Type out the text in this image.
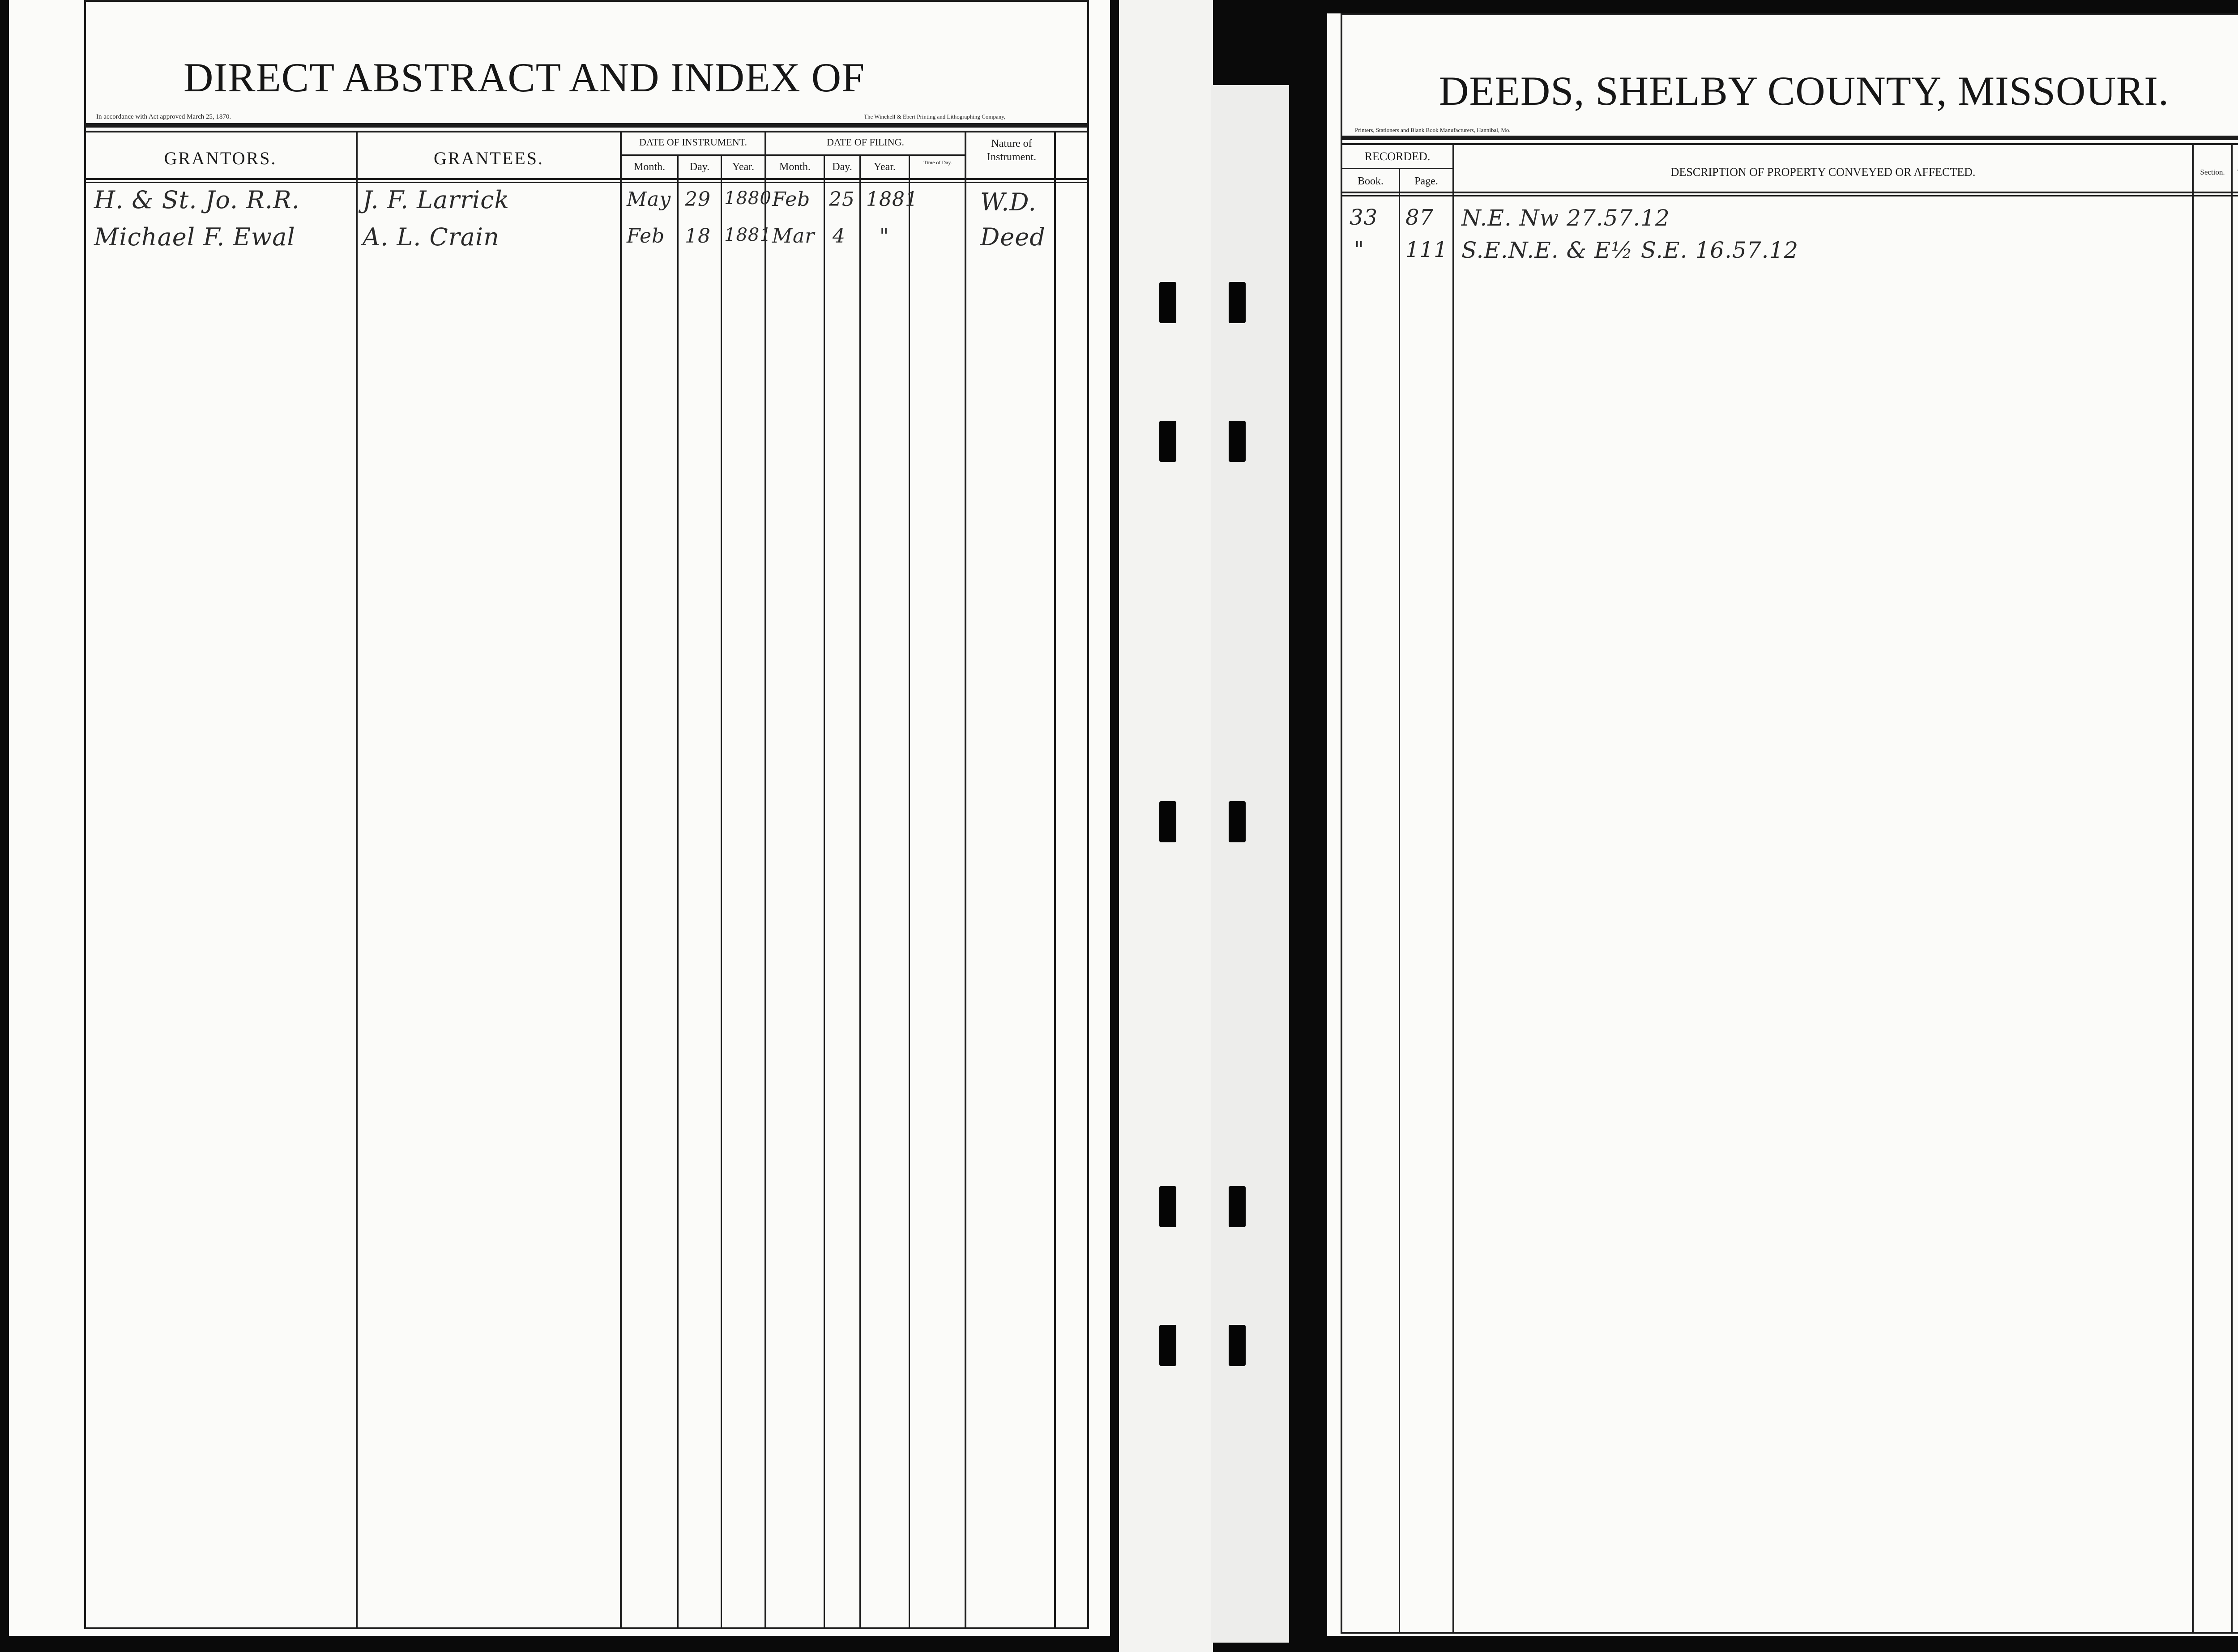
DIRECT ABSTRACT AND INDEX OF
In accordance with Act approved March 25, 1870.	The Winchell & Ebert Printing and Lithographing Company,
GRANTORS.	GRANTEES.
DATE OF INSTRUMENT.	DATE OF FILING.
Month.	Day.	Year.	Month.	Day.	Year.	Time of Day.
Nature of Instrument.
H. & St. Jo. R.R.	J. F. Larrick	May 29 1880 Feb 25 1881	W.D.
Michael F. Ewal	A. L. Crain	Feb 18 1881 Mar 4 "	Deed
DEEDS, SHELBY COUNTY, MISSOURI.
Printers, Stationers and Blank Book Manufacturers, Hannibal, Mo.
RECORDED.
Book.	Page.
DESCRIPTION OF PROPERTY CONVEYED OR AFFECTED.	Section.
33 87 N.E. Nw 27.57.12
" 111 S.E.N.E. & E½ S.E. 16.57.12
